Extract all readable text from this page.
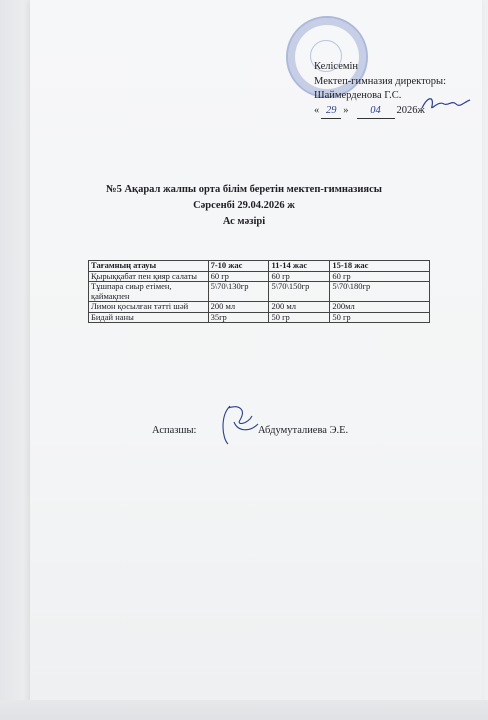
Келісемін
Мектеп-гимназия директоры:
Шаймерденова Г.С.
« 29 »	04	2026ж
№5 Ақарал жалпы орта білім беретін мектеп-гимназиясы
Сәрсенбі 29.04.2026 ж
Ас мәзірі
Тағамның атауы	7-10 жас	11-14 жас	15-18 жас
Қырыққабат пен қияр салаты	60 гр	60 гр	60 гр
Тұшпара сиыр етімен, қаймақпен	5\70\130гр	5\70\150гр	5\70\180гр
Лимон қосылған тәтті шәй	200 мл	200 мл	200мл
Бидай наны	35гр	50 гр	50 гр
Аспазшы:	Абдумуталиева Э.Е.
